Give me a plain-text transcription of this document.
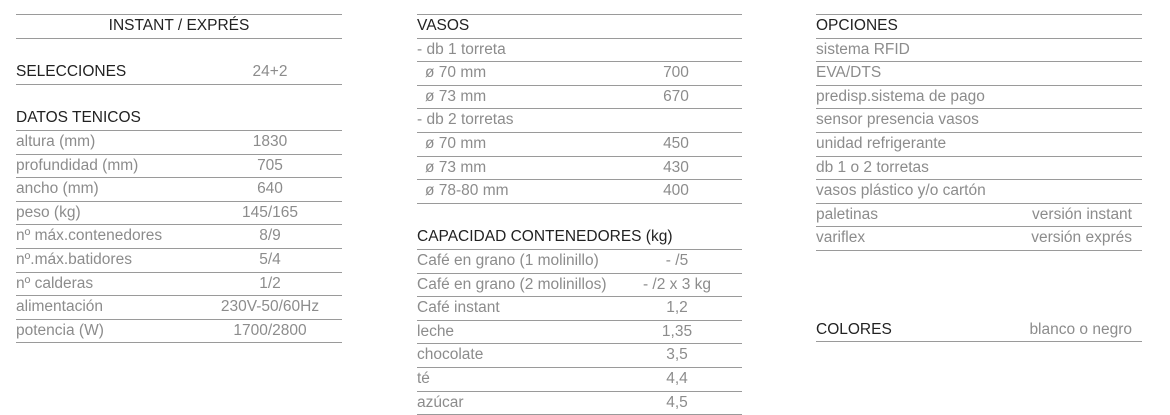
INSTANT / EXPRÉS
SELECCIONES	24+2
DATOS TENICOS
altura (mm)	1830
profundidad (mm)	705
ancho (mm)	640
peso (kg)	145/165
nº máx.contenedores	8/9
nº.máx.batidores	5/4
nº calderas	1/2
alimentación	230V-50/60Hz
potencia (W)	1700/2800
VASOS
- db 1 torreta
ø 70 mm	700
ø 73 mm	670
- db 2 torretas
ø 70 mm	450
ø 73 mm	430
ø 78-80 mm	400
CAPACIDAD CONTENEDORES (kg)
Café en grano (1 molinillo)	- /5
Café en grano (2 molinillos)	- /2 x 3 kg
Café instant	1,2
leche	1,35
chocolate	3,5
té	4,4
azúcar	4,5
OPCIONES
sistema RFID
EVA/DTS
predisp.sistema de pago
sensor presencia vasos
unidad refrigerante
db 1 o 2 torretas
vasos plástico y/o cartón
paletinas	versión instant
variflex	versión exprés
COLORES	blanco o negro
